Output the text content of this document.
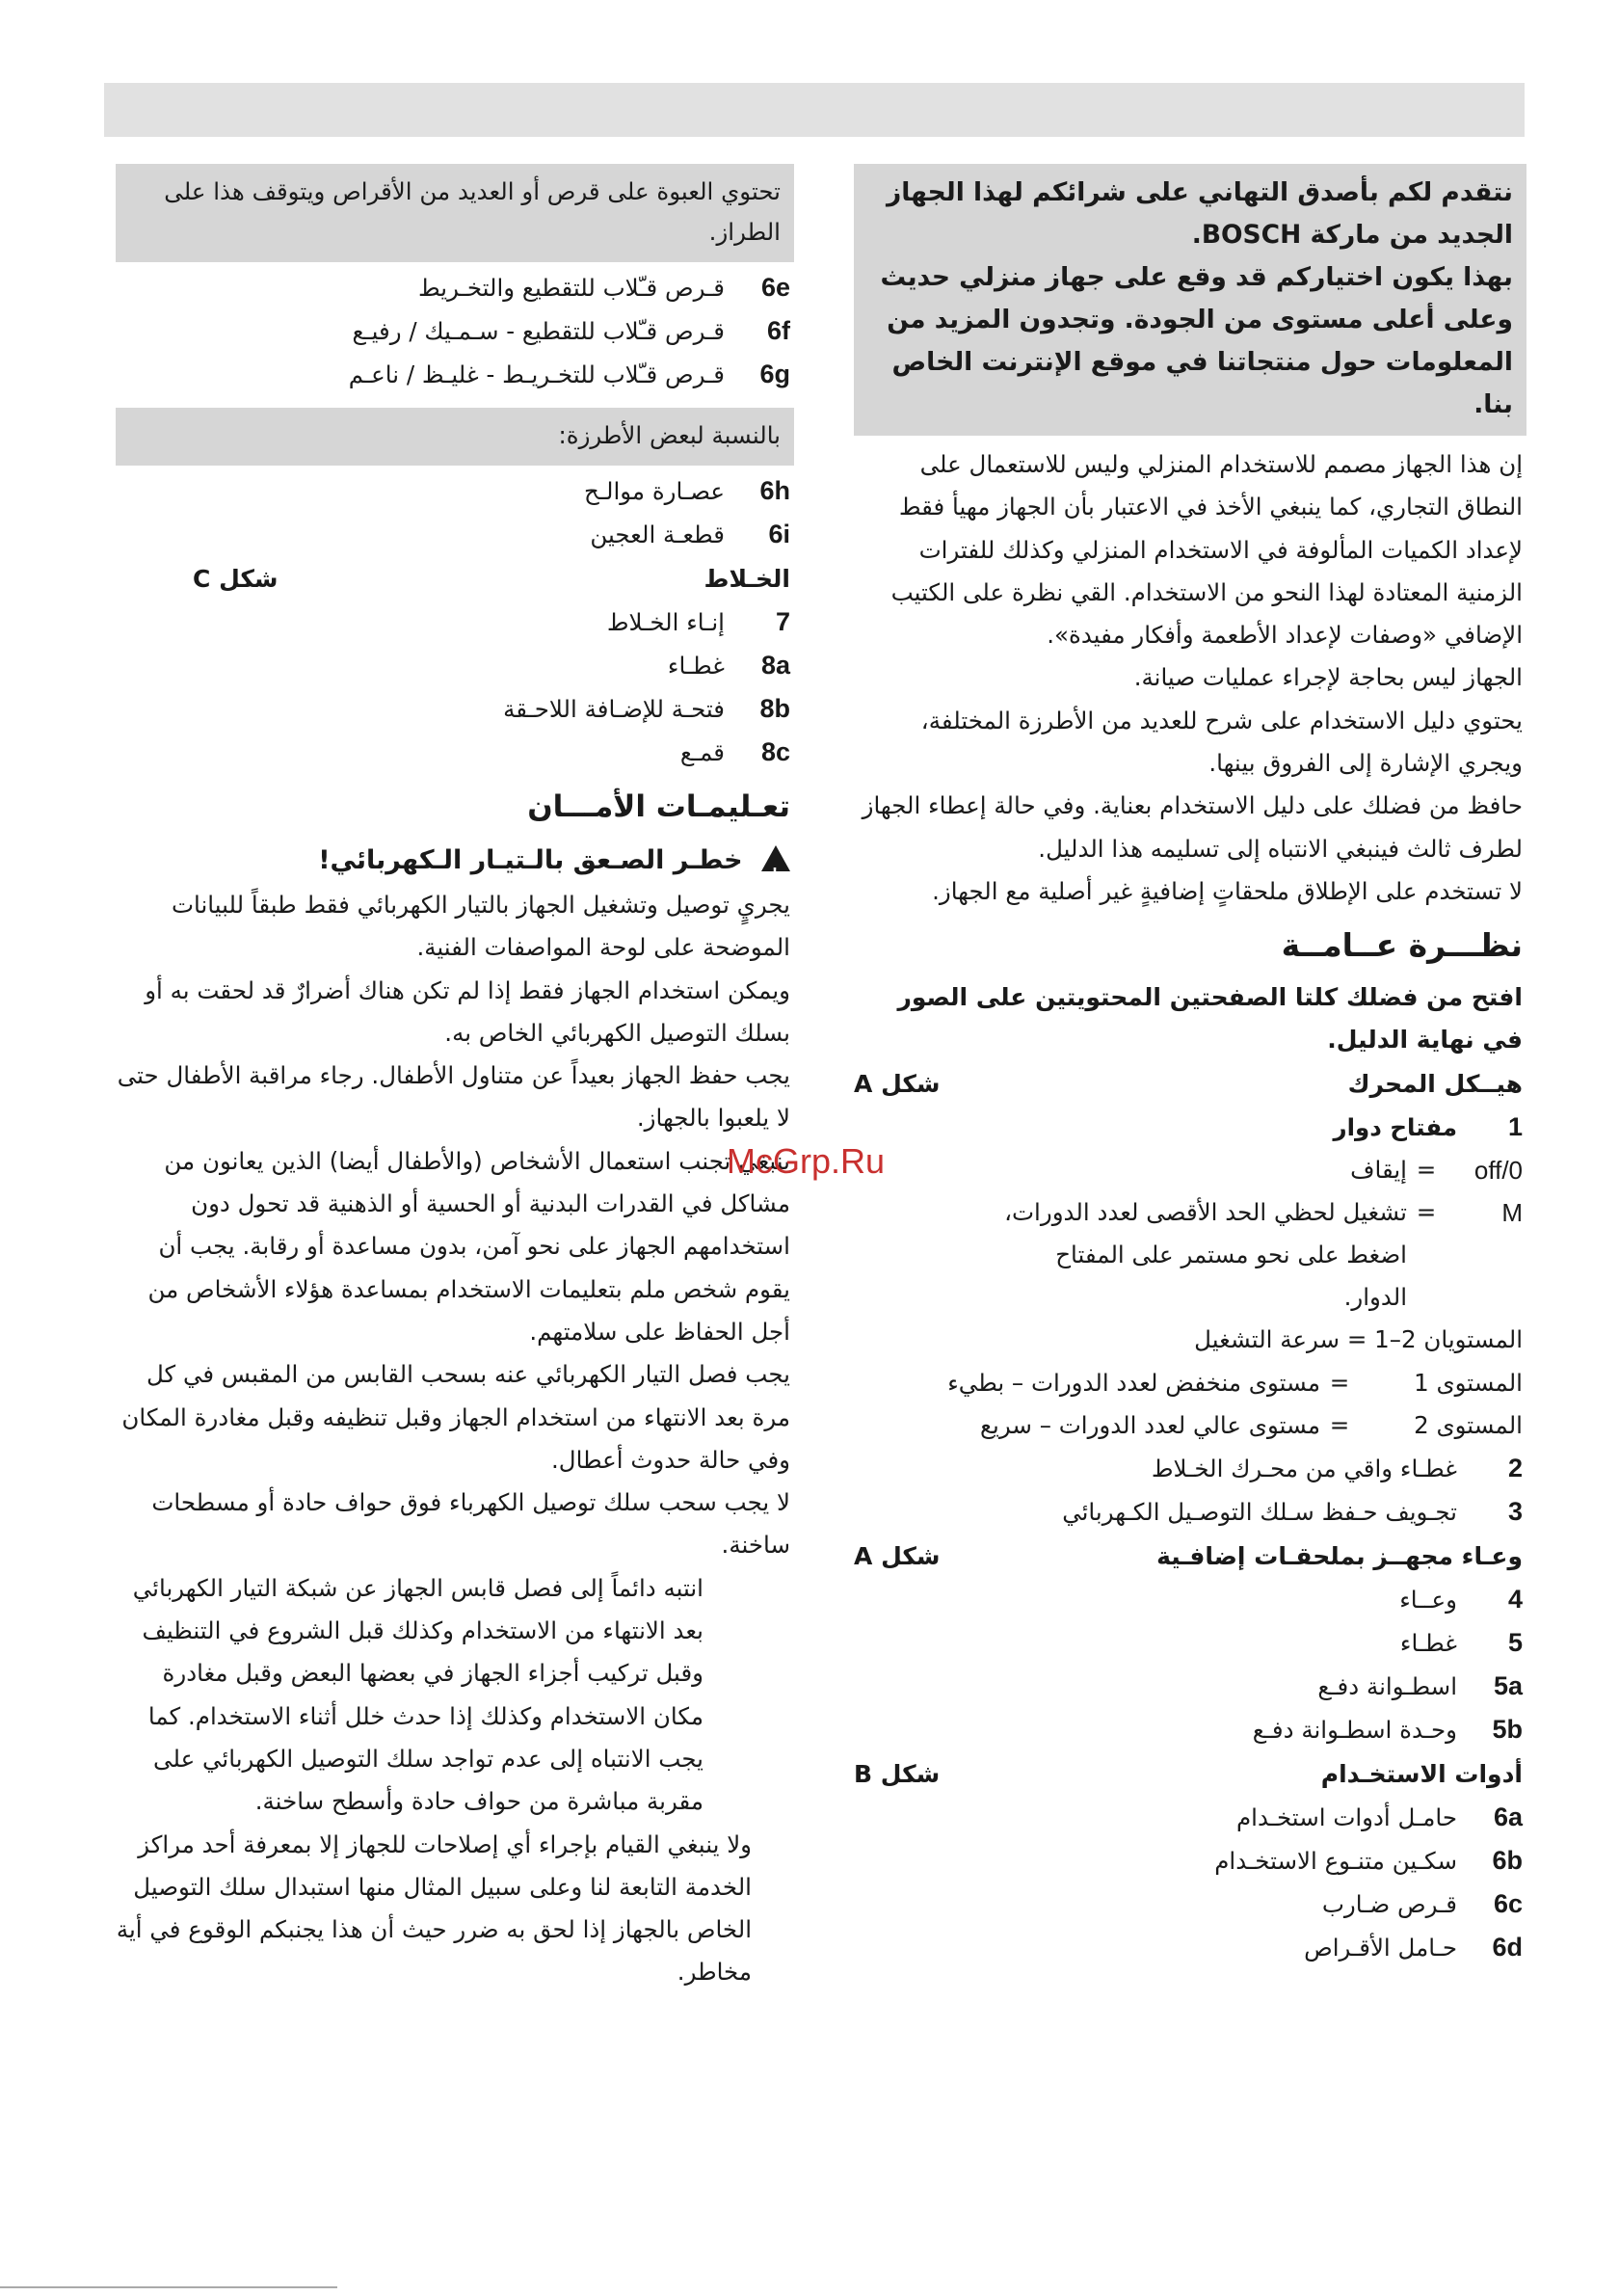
نتقدم لكم بأصدق التهاني على شرائكم لهذا الجهاز

الجديد من ماركة BOSCH.

بهذا يكون اختياركم قد وقع على جهاز منزلي حديث

وعلى أعلى مستوى من الجودة. وتجدون المزيد من

المعلومات حول منتجاتنا في موقع الإنترنت الخاص بنا.

إن هذا الجهاز مصمم للاستخدام المنزلي وليس للاستعمال على النطاق التجاري، كما ينبغي الأخذ في الاعتبار بأن الجهاز مهيأ فقط لإعداد الكميات المألوفة في الاستخدام المنزلي وكذلك للفترات الزمنية المعتادة لهذا النحو من الاستخدام. القي نظرة على الكتيب الإضافي «وصفات لإعداد الأطعمة وأفكار مفيدة».

الجهاز ليس بحاجة لإجراء عمليات صيانة.

يحتوي دليل الاستخدام على شرح للعديد من الأطرزة المختلفة، ويجري الإشارة إلى الفروق بينها.

حافظ من فضلك على دليل الاستخدام بعناية. وفي حالة إعطاء الجهاز لطرف ثالث فينبغي الانتباه إلى تسليمه هذا الدليل.

لا تستخدم على الإطلاق ملحقاتٍ إضافيةٍ غير أصلية مع الجهاز.

نظـــرة عــامــة

افتح من فضلك كلتا الصفحتين المحتويتين على الصور في نهاية الدليل.

هيــكل المحرك
شكل A
1
مفتاح دوار
off/0
=
إيقاف
M
=
تشغيل لحظي الحد الأقصى لعدد الدورات، اضغط على نحو مستمر على المفتاح الدوار.
المستويان 2–1 = سرعة التشغيل
المستوى 1
=
مستوى منخفض لعدد الدورات – بطيء
المستوى 2
=
مستوى عالي لعدد الدورات – سريع
2
غطـاء واقي من محـرك الخـلاط
3
تجـويف حـفظ سـلك التوصـيل الكـهربائي
وعـاء مجهــز بملحقـات إضافـية
شكل A
4
وعــاء
5
غطـاء
5a
اسطـوانة دفـع
5b
وحـدة اسطـوانة دفـع
أدوات الاستخـدام
شكل B
6a
حامـل أدوات استخـدام
6b
سكـين متنـوع الاستخـدام
6c
قـرص ضـارب
6d
حـامل الأقـراص

تحتوي العبوة على قرص أو العديد من الأقراص ويتوقف هذا على الطراز.

6e
قـرص قـّلاب للتقطيع والتخـريط
6f
قـرص قـّلاب للتقطيع - سـمـيك / رفيـع
6g
قـرص قـّلاب للتخـريـط - غليـظ / ناعـم

بالنسبة لبعض الأطرزة:

6h
عصـارة موالـح
6i
قطعـة العجين
الخـلاط
شكل C
7
إنـاء الخـلاط
8a
غطـاء
8b
فتحـة للإضـافة اللاحـقة
8c
قمـع
تعـليمـات الأمـــان
! خطـر الصـعق بالـتيـار الـكهربائي!

يجريٍ توصيل وتشغيل الجهاز بالتيار الكهربائي فقط طبقاً للبيانات الموضحة على لوحة المواصفات الفنية.

ويمكن استخدام الجهاز فقط إذا لم تكن هناك أضرارٌ قد لحقت به أو بسلك التوصيل الكهربائي الخاص به.

يجب حفظ الجهاز بعيداً عن متناول الأطفال. رجاء مراقبة الأطفال حتى لا يلعبوا بالجهاز.

ينبغي تجنب استعمال الأشخاص (والأطفال أيضا) الذين يعانون من مشاكل في القدرات البدنية أو الحسية أو الذهنية قد تحول دون استخدامهم الجهاز على نحو آمن، بدون مساعدة أو رقابة. يجب أن يقوم شخص ملم بتعليمات الاستخدام بمساعدة هؤلاء الأشخاص من أجل الحفاظ على سلامتهم.

يجب فصل التيار الكهربائي عنه بسحب القابس من المقبس في كل مرة بعد الانتهاء من استخدام الجهاز وقبل تنظيفه وقبل مغادرة المكان وفي حالة حدوث أعطال.

لا يجب سحب سلك توصيل الكهرباء فوق حواف حادة أو مسطحات ساخنة.

انتبه دائماً إلى فصل قابس الجهاز عن شبكة التيار الكهربائي بعد الانتهاء من الاستخدام وكذلك قبل الشروع في التنظيف وقبل تركيب أجزاء الجهاز في بعضها البعض وقبل مغادرة مكان الاستخدام وكذلك إذا حدث خلل أثناء الاستخدام. كما يجب الانتباه إلى عدم تواجد سلك التوصيل الكهربائي على مقربة مباشرة من حواف حادة وأسطح ساخنة.

ولا ينبغي القيام بإجراء أي إصلاحات للجهاز إلا بمعرفة أحد مراكز الخدمة التابعة لنا وعلى سبيل المثال منها استبدال سلك التوصيل الخاص بالجهاز إذا لحق به ضرر حيث أن هذا يجنبكم الوقوع في أية مخاطر.

McGrp.Ru
